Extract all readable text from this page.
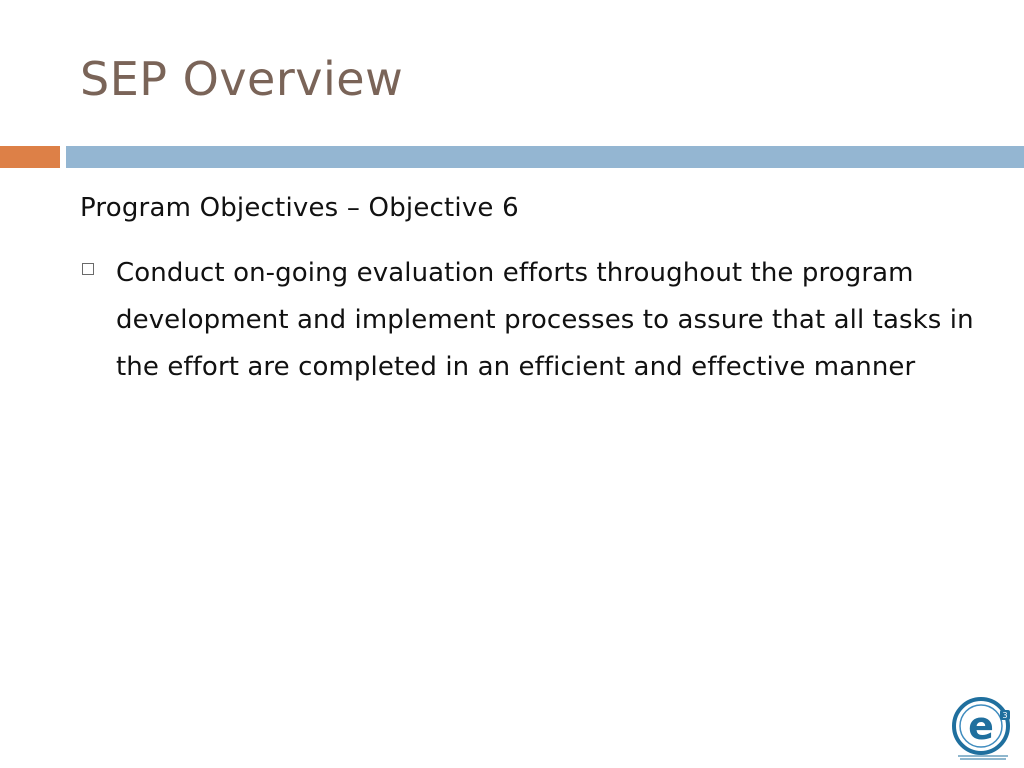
SEP Overview
Program Objectives – Objective 6
Conduct on-going evaluation efforts throughout the program development and implement processes to assure that all tasks in the effort are completed in an efficient and effective manner
e 3
